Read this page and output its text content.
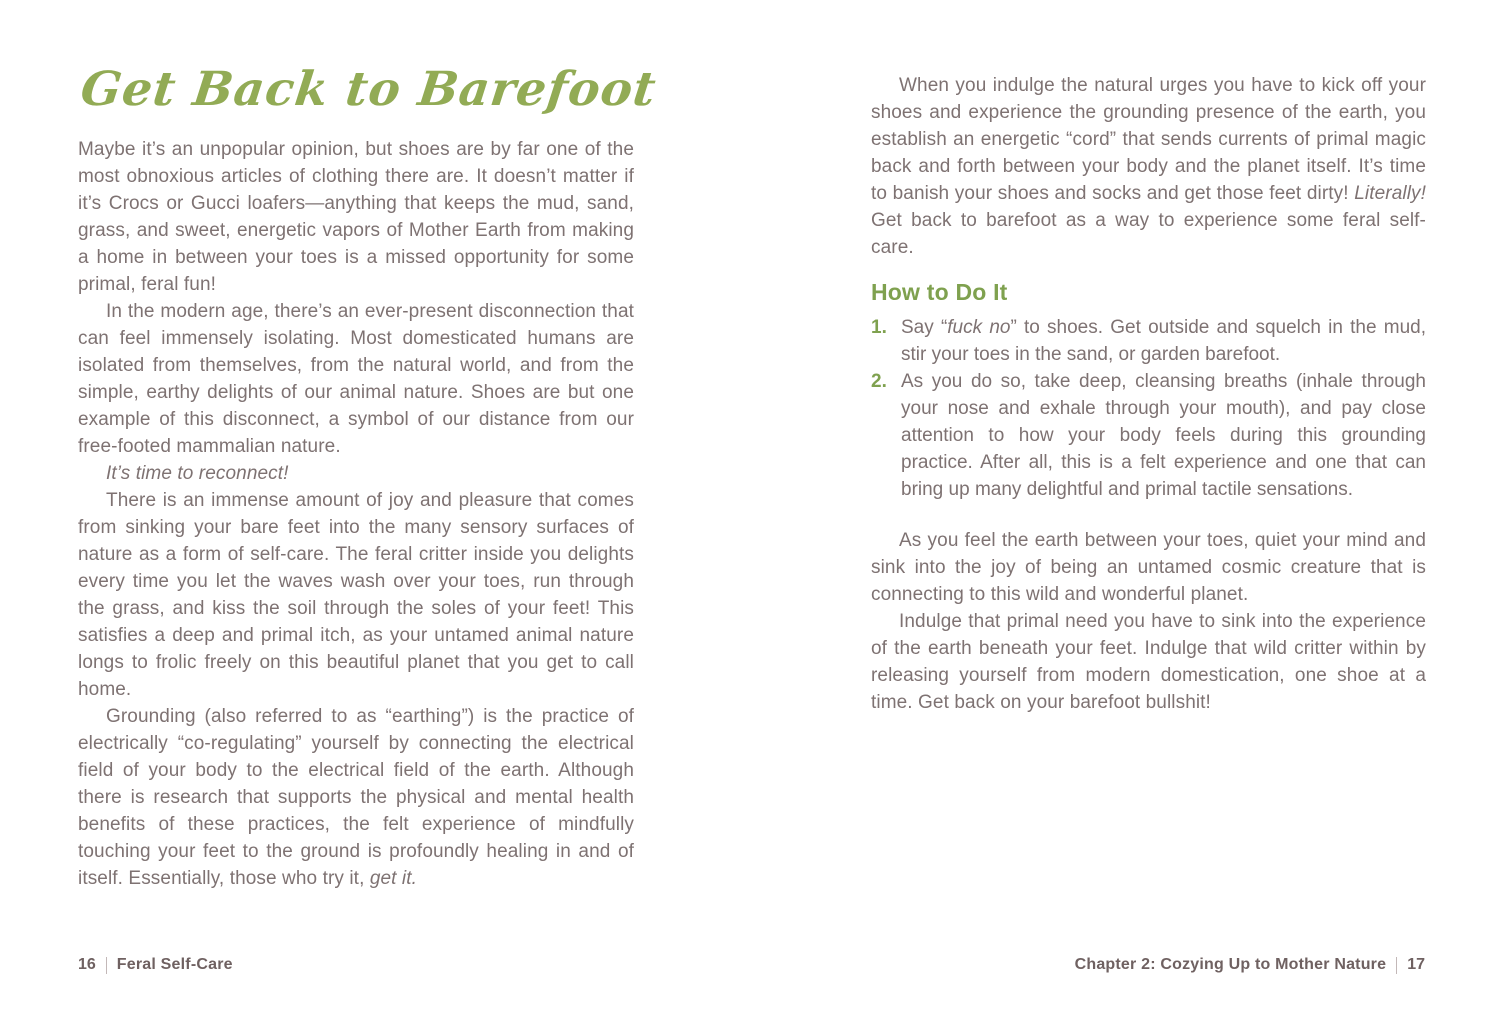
Get Back to Barefoot

Maybe it’s an unpopular opinion, but shoes are by far one of the most obnoxious articles of clothing there are. It doesn’t matter if it’s Crocs or Gucci loafers—anything that keeps the mud, sand, grass, and sweet, energetic vapors of Mother Earth from making a home in between your toes is a missed opportunity for some primal, feral fun!

In the modern age, there’s an ever-present disconnection that can feel immensely isolating. Most domesticated humans are isolated from themselves, from the natural world, and from the simple, earthy delights of our animal nature. Shoes are but one example of this disconnect, a symbol of our distance from our free-footed mammalian nature.

It’s time to reconnect!

There is an immense amount of joy and pleasure that comes from sinking your bare feet into the many sensory surfaces of nature as a form of self-care. The feral critter inside you delights every time you let the waves wash over your toes, run through the grass, and kiss the soil through the soles of your feet! This satisfies a deep and primal itch, as your untamed animal nature longs to frolic freely on this beautiful planet that you get to call home.

Grounding (also referred to as “earthing”) is the practice of electrically “co-regulating” yourself by connecting the electrical field of your body to the electrical field of the earth. Although there is research that supports the physical and mental health benefits of these practices, the felt experience of mindfully touching your feet to the ground is profoundly healing in and of itself. Essentially, those who try it, get it.

When you indulge the natural urges you have to kick off your shoes and experience the grounding presence of the earth, you establish an energetic “cord” that sends currents of primal magic back and forth between your body and the planet itself. It’s time to banish your shoes and socks and get those feet dirty! Literally! Get back to barefoot as a way to experience some feral self-care.

How to Do It
1. Say “fuck no” to shoes. Get outside and squelch in the mud, stir your toes in the sand, or garden barefoot.
2. As you do so, take deep, cleansing breaths (inhale through your nose and exhale through your mouth), and pay close attention to how your body feels during this grounding practice. After all, this is a felt experience and one that can bring up many delightful and primal tactile sensations.

As you feel the earth between your toes, quiet your mind and sink into the joy of being an untamed cosmic creature that is connecting to this wild and wonderful planet.

Indulge that primal need you have to sink into the experience of the earth beneath your feet. Indulge that wild critter within by releasing yourself from modern domestication, one shoe at a time. Get back on your barefoot bullshit!

16 Feral Self-Care	Chapter 2: Cozying Up to Mother Nature 17
